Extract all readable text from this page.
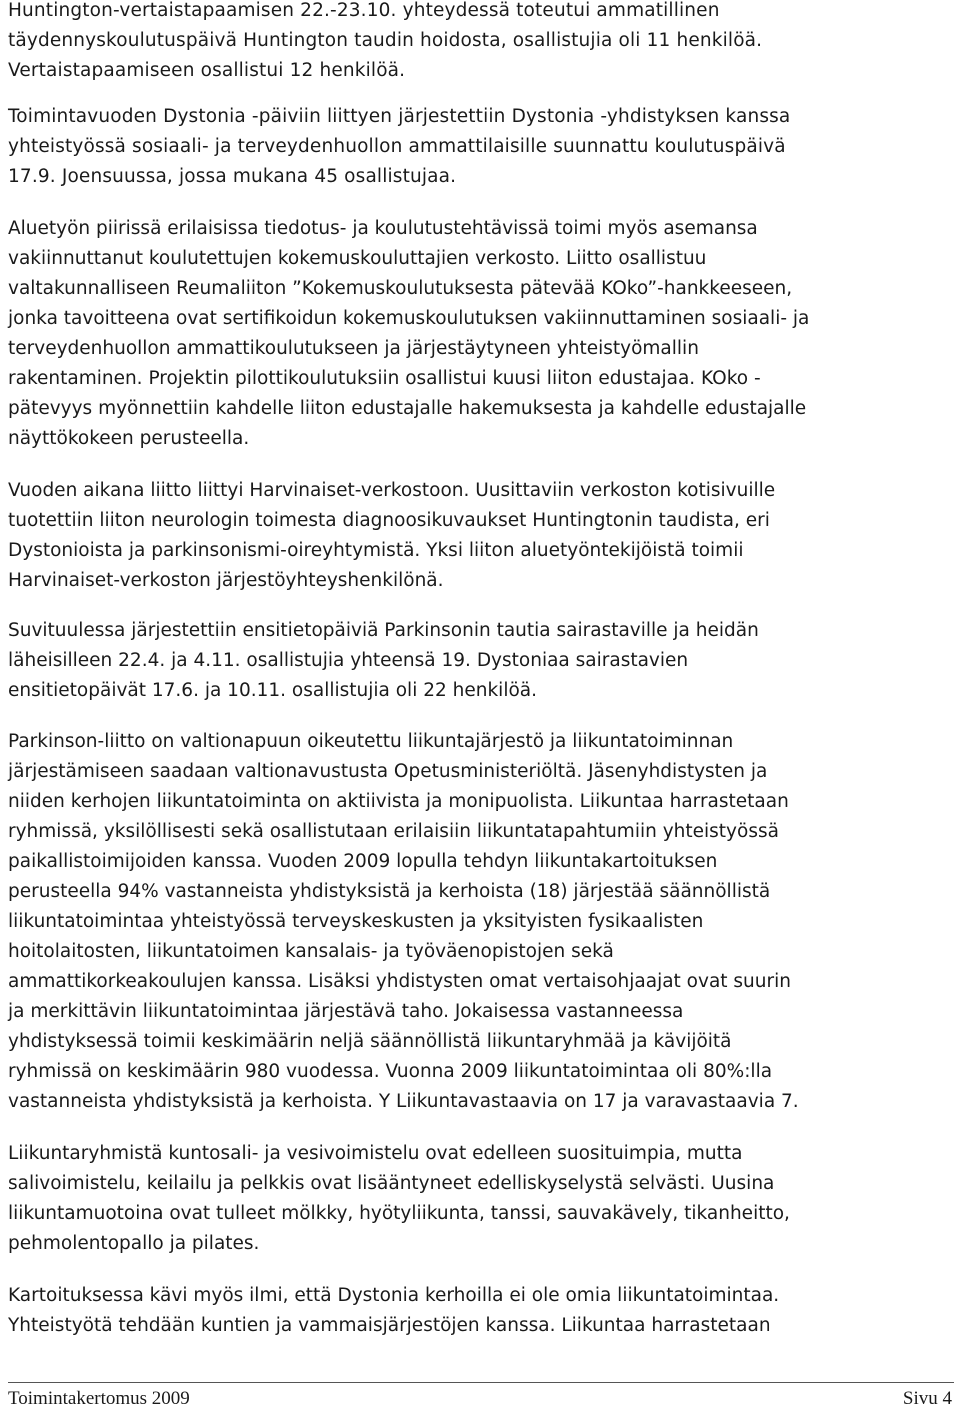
Huntington-vertaistapaamisen 22.-23.10. yhteydessä toteutui ammatillinen
täydennyskoulutuspäivä Huntington taudin hoidosta, osallistujia oli 11 henkilöä.
Vertaistapaamiseen osallistui 12 henkilöä.
Toimintavuoden Dystonia -päiviin liittyen järjestettiin Dystonia -yhdistyksen kanssa
yhteistyössä sosiaali- ja terveydenhuollon ammattilaisille suunnattu koulutuspäivä
17.9. Joensuussa, jossa mukana 45 osallistujaa.
Aluetyön piirissä erilaisissa tiedotus- ja koulutustehtävissä toimi myös asemansa
vakiinnuttanut koulutettujen kokemuskouluttajien verkosto. Liitto osallistuu
valtakunnalliseen Reumaliiton ”Kokemuskoulutuksesta pätevää KOko”-hankkeeseen,
jonka tavoitteena ovat sertifikoidun kokemuskoulutuksen vakiinnuttaminen sosiaali- ja
terveydenhuollon ammattikoulutukseen ja järjestäytyneen yhteistyömallin
rakentaminen. Projektin pilottikoulutuksiin osallistui kuusi liiton edustajaa. KOko -
pätevyys myönnettiin kahdelle liiton edustajalle hakemuksesta ja kahdelle edustajalle
näyttökokeen perusteella.
Vuoden aikana liitto liittyi Harvinaiset-verkostoon. Uusittaviin verkoston kotisivuille
tuotettiin liiton neurologin toimesta diagnoosikuvaukset Huntingtonin taudista, eri
Dystonioista ja parkinsonismi-oireyhtymistä. Yksi liiton aluetyöntekijöistä toimii
Harvinaiset-verkoston järjestöyhteyshenkilönä.
Suvituulessa järjestettiin ensitietopäiviä Parkinsonin tautia sairastaville ja heidän
läheisilleen 22.4. ja 4.11. osallistujia yhteensä 19. Dystoniaa sairastavien
ensitietopäivät 17.6. ja 10.11. osallistujia oli 22 henkilöä.
Parkinson-liitto on valtionapuun oikeutettu liikuntajärjestö ja liikuntatoiminnan
järjestämiseen saadaan valtionavustusta Opetusministeriöltä. Jäsenyhdistysten ja
niiden kerhojen liikuntatoiminta on aktiivista ja monipuolista. Liikuntaa harrastetaan
ryhmissä, yksilöllisesti sekä osallistutaan erilaisiin liikuntatapahtumiin yhteistyössä
paikallistoimijoiden kanssa. Vuoden 2009 lopulla tehdyn liikuntakartoituksen
perusteella 94% vastanneista yhdistyksistä ja kerhoista (18) järjestää säännöllistä
liikuntatoimintaa yhteistyössä terveyskeskusten ja yksityisten fysikaalisten
hoitolaitosten, liikuntatoimen kansalais- ja työväenopistojen sekä
ammattikorkeakoulujen kanssa. Lisäksi yhdistysten omat vertaisohjaajat ovat suurin
ja merkittävin liikuntatoimintaa järjestävä taho. Jokaisessa vastanneessa
yhdistyksessä toimii keskimäärin neljä säännöllistä liikuntaryhmää ja kävijöitä
ryhmissä on keskimäärin 980 vuodessa. Vuonna 2009 liikuntatoimintaa oli 80%:lla
vastanneista yhdistyksistä ja kerhoista. Y Liikuntavastaavia on 17 ja varavastaavia 7.
Liikuntaryhmistä kuntosali- ja vesivoimistelu ovat edelleen suosituimpia, mutta
salivoimistelu, keilailu ja pelkkis ovat lisääntyneet edelliskyselystä selvästi. Uusina
liikuntamuotoina ovat tulleet mölkky, hyötyliikunta, tanssi, sauvakävely, tikanheitto,
pehmolentopallo ja pilates.
Kartoituksessa kävi myös ilmi, että Dystonia kerhoilla ei ole omia liikuntatoimintaa.
Yhteistyötä tehdään kuntien ja vammaisjärjestöjen kanssa. Liikuntaa harrastetaan
Toimintakertomus 2009	Sivu 4
